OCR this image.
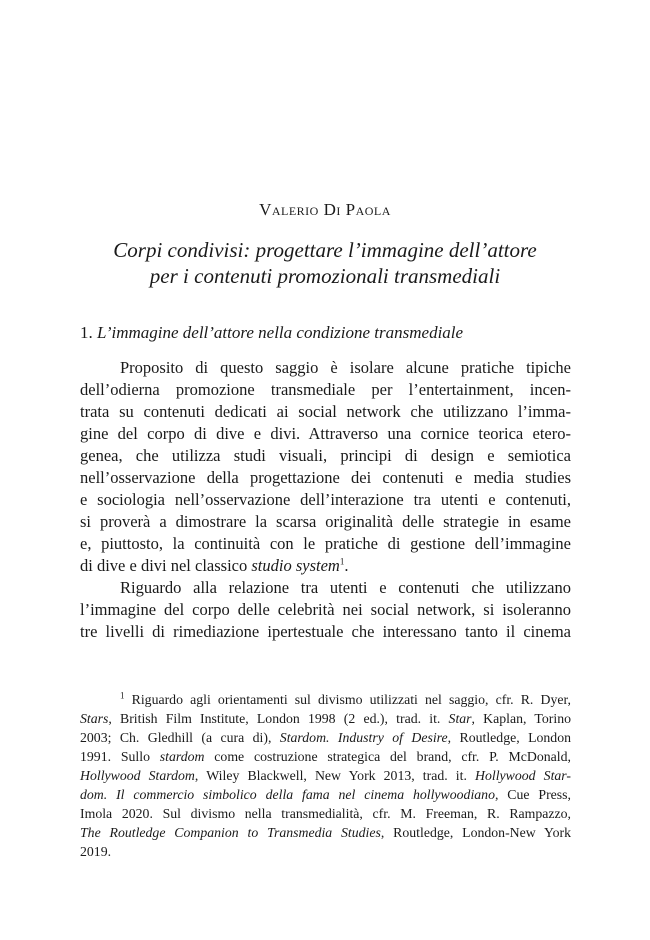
Valerio Di Paola
Corpi condivisi: progettare l’immagine dell’attore
per i contenuti promozionali transmediali
1. L’immagine dell’attore nella condizione transmediale
Proposito di questo saggio è isolare alcune pratiche tipiche
dell’odierna promozione transmediale per l’entertainment, incen-
trata su contenuti dedicati ai social network che utilizzano l’imma-
gine del corpo di dive e divi. Attraverso una cornice teorica etero-
genea, che utilizza studi visuali, principi di design e semiotica
nell’osservazione della progettazione dei contenuti e media studies
e sociologia nell’osservazione dell’interazione tra utenti e contenuti,
si proverà a dimostrare la scarsa originalità delle strategie in esame
e, piuttosto, la continuità con le pratiche di gestione dell’immagine
di dive e divi nel classico studio system$^1$.
Riguardo alla relazione tra utenti e contenuti che utilizzano
l’immagine del corpo delle celebrità nei social network, si isoleranno
tre livelli di rimediazione ipertestuale che interessano tanto il cinema
$^1$ Riguardo agli orientamenti sul divismo utilizzati nel saggio, cfr. R. Dyer,
Stars, British Film Institute, London 1998 (2 ed.), trad. it. Star, Kaplan, Torino
2003; Ch. Gledhill (a cura di), Stardom. Industry of Desire, Routledge, London
1991. Sullo stardom come costruzione strategica del brand, cfr. P. McDonald,
Hollywood Stardom, Wiley Blackwell, New York 2013, trad. it. Hollywood Star-
dom. Il commercio simbolico della fama nel cinema hollywoodiano, Cue Press,
Imola 2020. Sul divismo nella transmedialità, cfr. M. Freeman, R. Rampazzo,
The Routledge Companion to Transmedia Studies, Routledge, London-New York
2019.
